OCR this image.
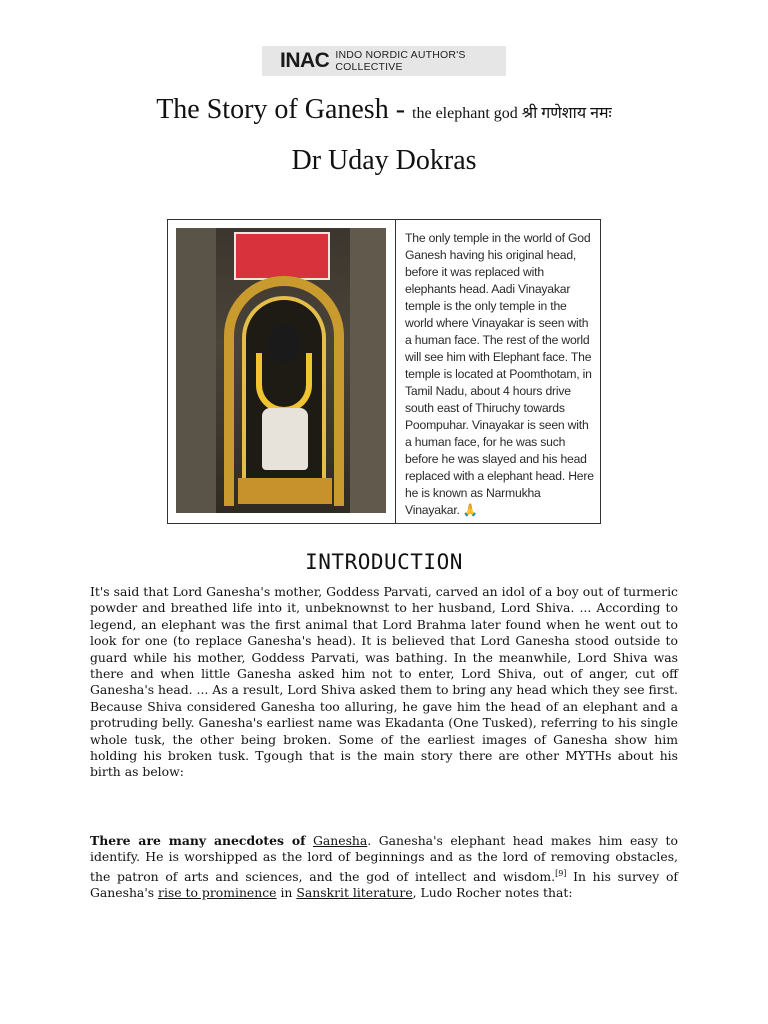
INAC INDO NORDIC AUTHOR'S COLLECTIVE
The Story of Ganesh - the elephant god श्री गणेशाय नमः
Dr Uday Dokras
The only temple in the world of God Ganesh having his original head, before it was replaced with elephants head. Aadi Vinayakar temple is the only temple in the world where Vinayakar is seen with a human face. The rest of the world will see him with Elephant face. The temple is located at Poomthotam, in Tamil Nadu, about 4 hours drive south east of Thiruchy towards Poompuhar. Vinayakar is seen with a human face, for he was such before he was slayed and his head replaced with a elephant head. Here he is known as Narmukha Vinayakar. 🙏
INTRODUCTION

It's said that Lord Ganesha's mother, Goddess Parvati, carved an idol of a boy out of turmeric powder and breathed life into it, unbeknownst to her husband, Lord Shiva. ... According to legend, an elephant was the first animal that Lord Brahma later found when he went out to look for one (to replace Ganesha's head). It is believed that Lord Ganesha stood outside to guard while his mother, Goddess Parvati, was bathing. In the meanwhile, Lord Shiva was there and when little Ganesha asked him not to enter, Lord Shiva, out of anger, cut off Ganesha's head. ... As a result, Lord Shiva asked them to bring any head which they see first. Because Shiva considered Ganesha too alluring, he gave him the head of an elephant and a protruding belly. Ganesha's earliest name was Ekadanta (One Tusked), referring to his single whole tusk, the other being broken. Some of the earliest images of Ganesha show him holding his broken tusk. Tgough that is the main story there are other MYTHs about his birth as below:

There are many anecdotes of Ganesha. Ganesha's elephant head makes him easy to identify. He is worshipped as the lord of beginnings and as the lord of removing obstacles, the patron of arts and sciences, and the god of intellect and wisdom.[9] In his survey of Ganesha's rise to prominence in Sanskrit literature, Ludo Rocher notes that:
